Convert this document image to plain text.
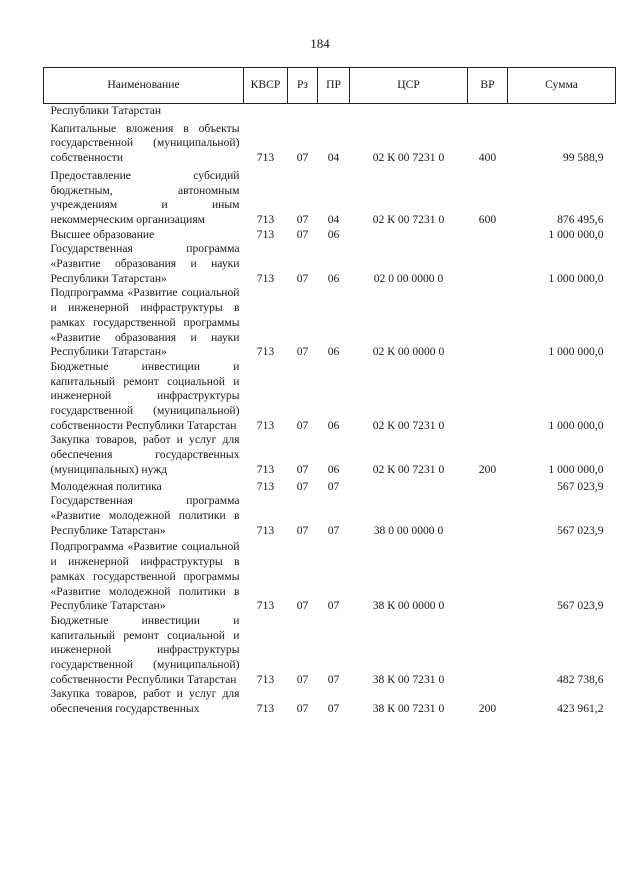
184
Наименование	КВСР	Рз	ПР	ЦСР	ВР	Сумма
Республики Татарстан						
Капитальные вложения в объекты государственной (муниципальной) собственности	713	07	04	02 К 00 7231 0	400	99 588,9
Предоставление субсидий бюджетным, автономным учреждениям и иным некоммерческим организациям	713	07	04	02 К 00 7231 0	600	876 495,6
Высшее образование	713	07	06			1 000 000,0
Государственная программа «Развитие образования и науки Республики Татарстан»	713	07	06	02 0 00 0000 0		1 000 000,0
Подпрограмма «Развитие социальной и инженерной инфраструктуры в рамках государственной программы «Развитие образования и науки Республики Татарстан»	713	07	06	02 К 00 0000 0		1 000 000,0
Бюджетные инвестиции и капитальный ремонт социальной и инженерной инфраструктуры государственной (муниципальной) собственности Республики Татарстан	713	07	06	02 К 00 7231 0		1 000 000,0
Закупка товаров, работ и услуг для обеспечения государственных (муниципальных) нужд	713	07	06	02 К 00 7231 0	200	1 000 000,0
Молодежная политика	713	07	07			567 023,9
Государственная программа «Развитие молодежной политики в Республике Татарстан»	713	07	07	38 0 00 0000 0		567 023,9
Подпрограмма «Развитие социальной и инженерной инфраструктуры в рамках государственной программы «Развитие молодежной политики в Республике Татарстан»	713	07	07	38 К 00 0000 0		567 023,9
Бюджетные инвестиции и капитальный ремонт социальной и инженерной инфраструктуры государственной (муниципальной) собственности Республики Татарстан	713	07	07	38 К 00 7231 0		482 738,6
Закупка товаров, работ и услуг для обеспечения государственных	713	07	07	38 К 00 7231 0	200	423 961,2
